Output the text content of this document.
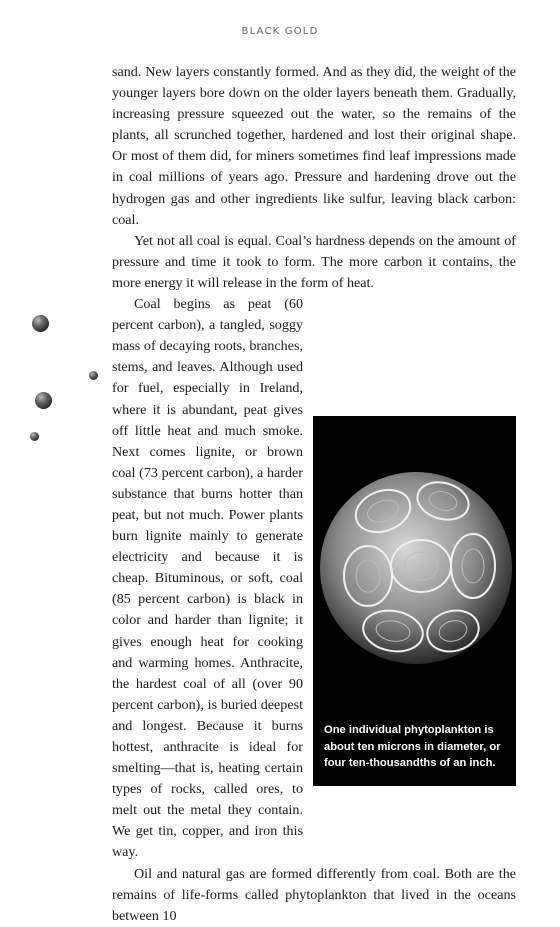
BLACK GOLD

sand. New layers constantly formed. And as they did, the weight of the younger layers bore down on the older layers beneath them. Gradually, increasing pressure squeezed out the water, so the remains of the plants, all scrunched together, hardened and lost their original shape. Or most of them did, for miners sometimes find leaf impressions made in coal millions of years ago. Pressure and hardening drove out the hydrogen gas and other ingredients like sulfur, leaving black carbon: coal.

Yet not all coal is equal. Coal’s hardness depends on the amount of pressure and time it took to form. The more carbon it contains, the more energy it will release in the form of heat.

Coal begins as peat (60 percent carbon), a tangled, soggy mass of decaying roots, branches, stems, and leaves. Although used for fuel, especially in Ireland, where it is abundant, peat gives off little heat and much smoke. Next comes lignite, or brown coal (73 percent carbon), a harder substance that burns hotter than peat, but not much. Power plants burn lignite mainly to generate electricity and because it is cheap. Bituminous, or soft, coal (85 percent carbon) is black in color and harder than lignite; it gives enough heat for cooking and warming homes. Anthracite, the hardest coal of all (over 90 percent carbon), is buried deepest and longest. Because it burns hottest, anthracite is ideal for smelting—that is, heating certain types of rocks, called ores, to melt out the metal they contain. We get tin, copper, and iron this way.

Oil and natural gas are formed differently from coal. Both are the remains of life-forms called phytoplankton that lived in the oceans between 10

One individual phytoplankton is about ten microns in diameter, or four ten-thousandths of an inch.
